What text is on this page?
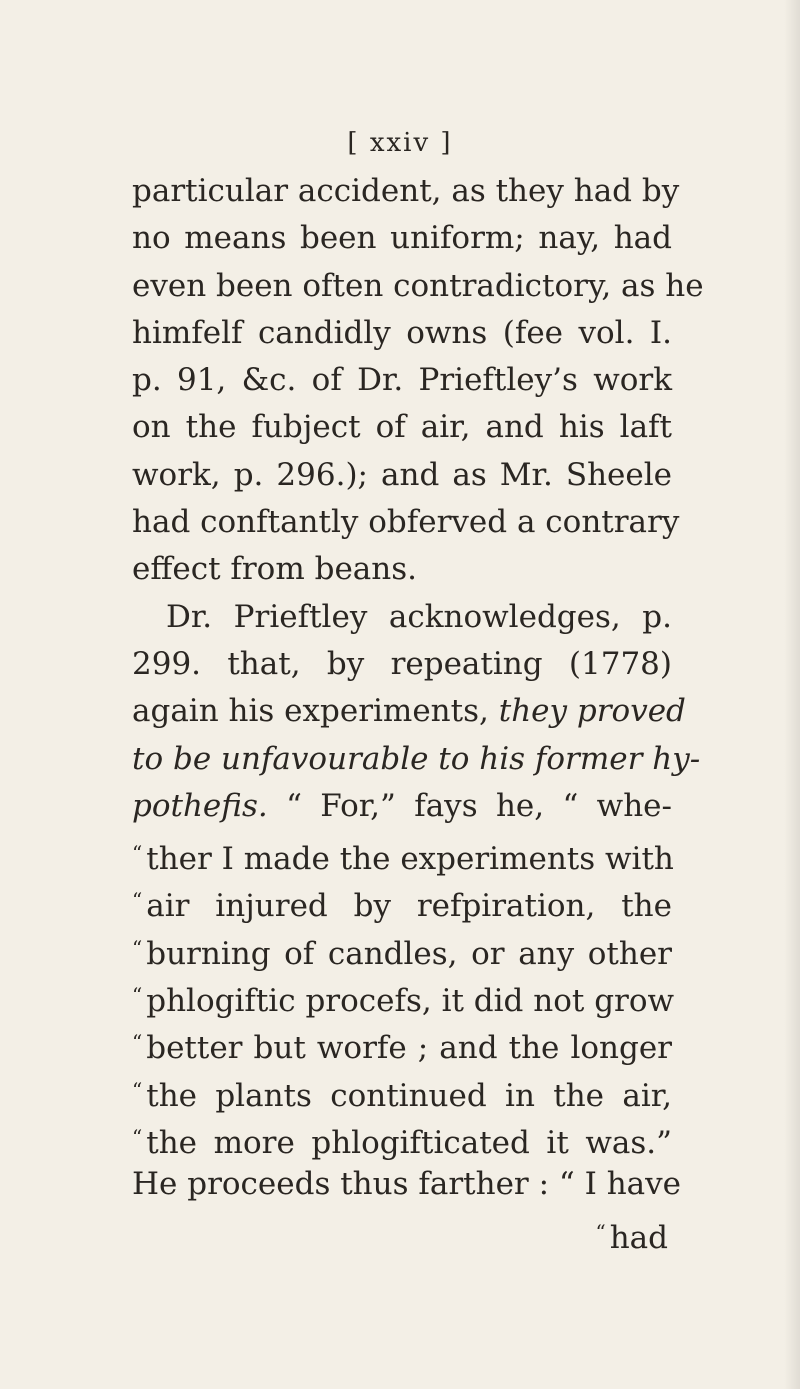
[ xxiv ]
particular accident, as they had by
no means been uniform; nay, had
even been often contradictory, as he
himfelf candidly owns (fee vol. I.
p. 91, &c. of Dr. Prieftley’s work
on the fubject of air, and his laft
work, p. 296.); and as Mr. Sheele
had conftantly obferved a contrary
effect from beans.
Dr. Prieftley acknowledges, p.
299. that, by repeating (1778)
again his experiments, they proved
to be unfavourable to his former hy-
pothefis. “ For,” fays he, “ whe-
“ ther I made the experiments with
“ air injured by refpiration, the
“ burning of candles, or any other
“ phlogiftic procefs, it did not grow
“ better but worfe ; and the longer
“ the plants continued in the air,
“ the more phlogifticated it was.”
He proceeds thus farther : “ I have
“ had
